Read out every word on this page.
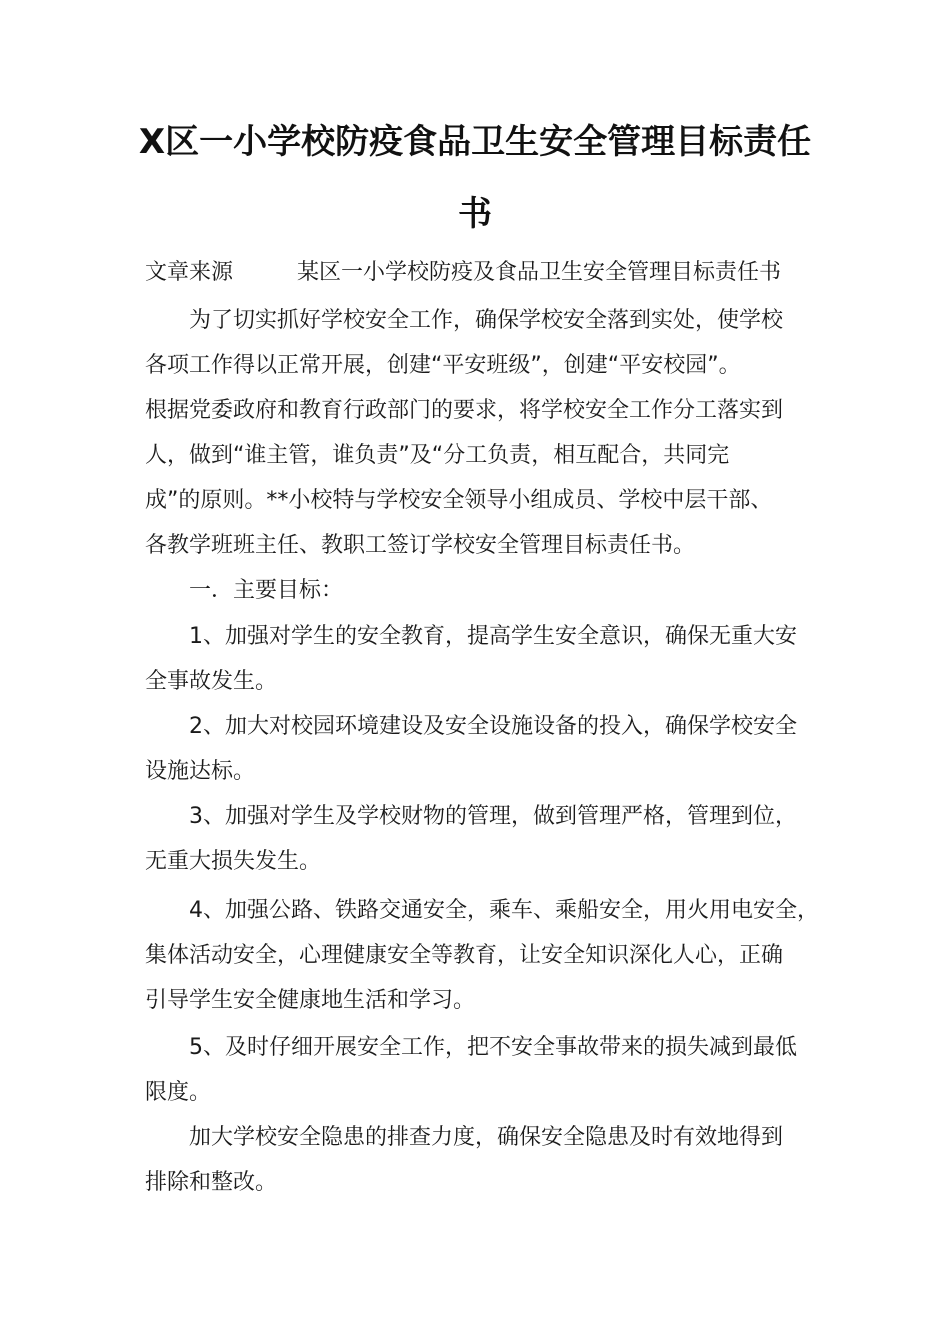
X区一小学校防疫食品卫生安全管理目标责任
书
文章来源	某区一小学校防疫及食品卫生安全管理目标责任书
为了切实抓好学校安全工作，确保学校安全落到实处，使学校
各项工作得以正常开展，创建“平安班级”，创建“平安校园”。
根据党委政府和教育行政部门的要求，将学校安全工作分工落实到
人，做到“谁主管，谁负责”及“分工负责，相互配合，共同完
成”的原则。**小校特与学校安全领导小组成员、学校中层干部、
各教学班班主任、教职工签订学校安全管理目标责任书。
一．主要目标：
1、加强对学生的安全教育，提高学生安全意识，确保无重大安
全事故发生。
2、加大对校园环境建设及安全设施设备的投入，确保学校安全
设施达标。
3、加强对学生及学校财物的管理，做到管理严格，管理到位，
无重大损失发生。
4、加强公路、铁路交通安全，乘车、乘船安全，用火用电安全，
集体活动安全，心理健康安全等教育，让安全知识深化人心，正确
引导学生安全健康地生活和学习。
5、及时仔细开展安全工作，把不安全事故带来的损失减到最低
限度。
加大学校安全隐患的排查力度，确保安全隐患及时有效地得到
排除和整改。
